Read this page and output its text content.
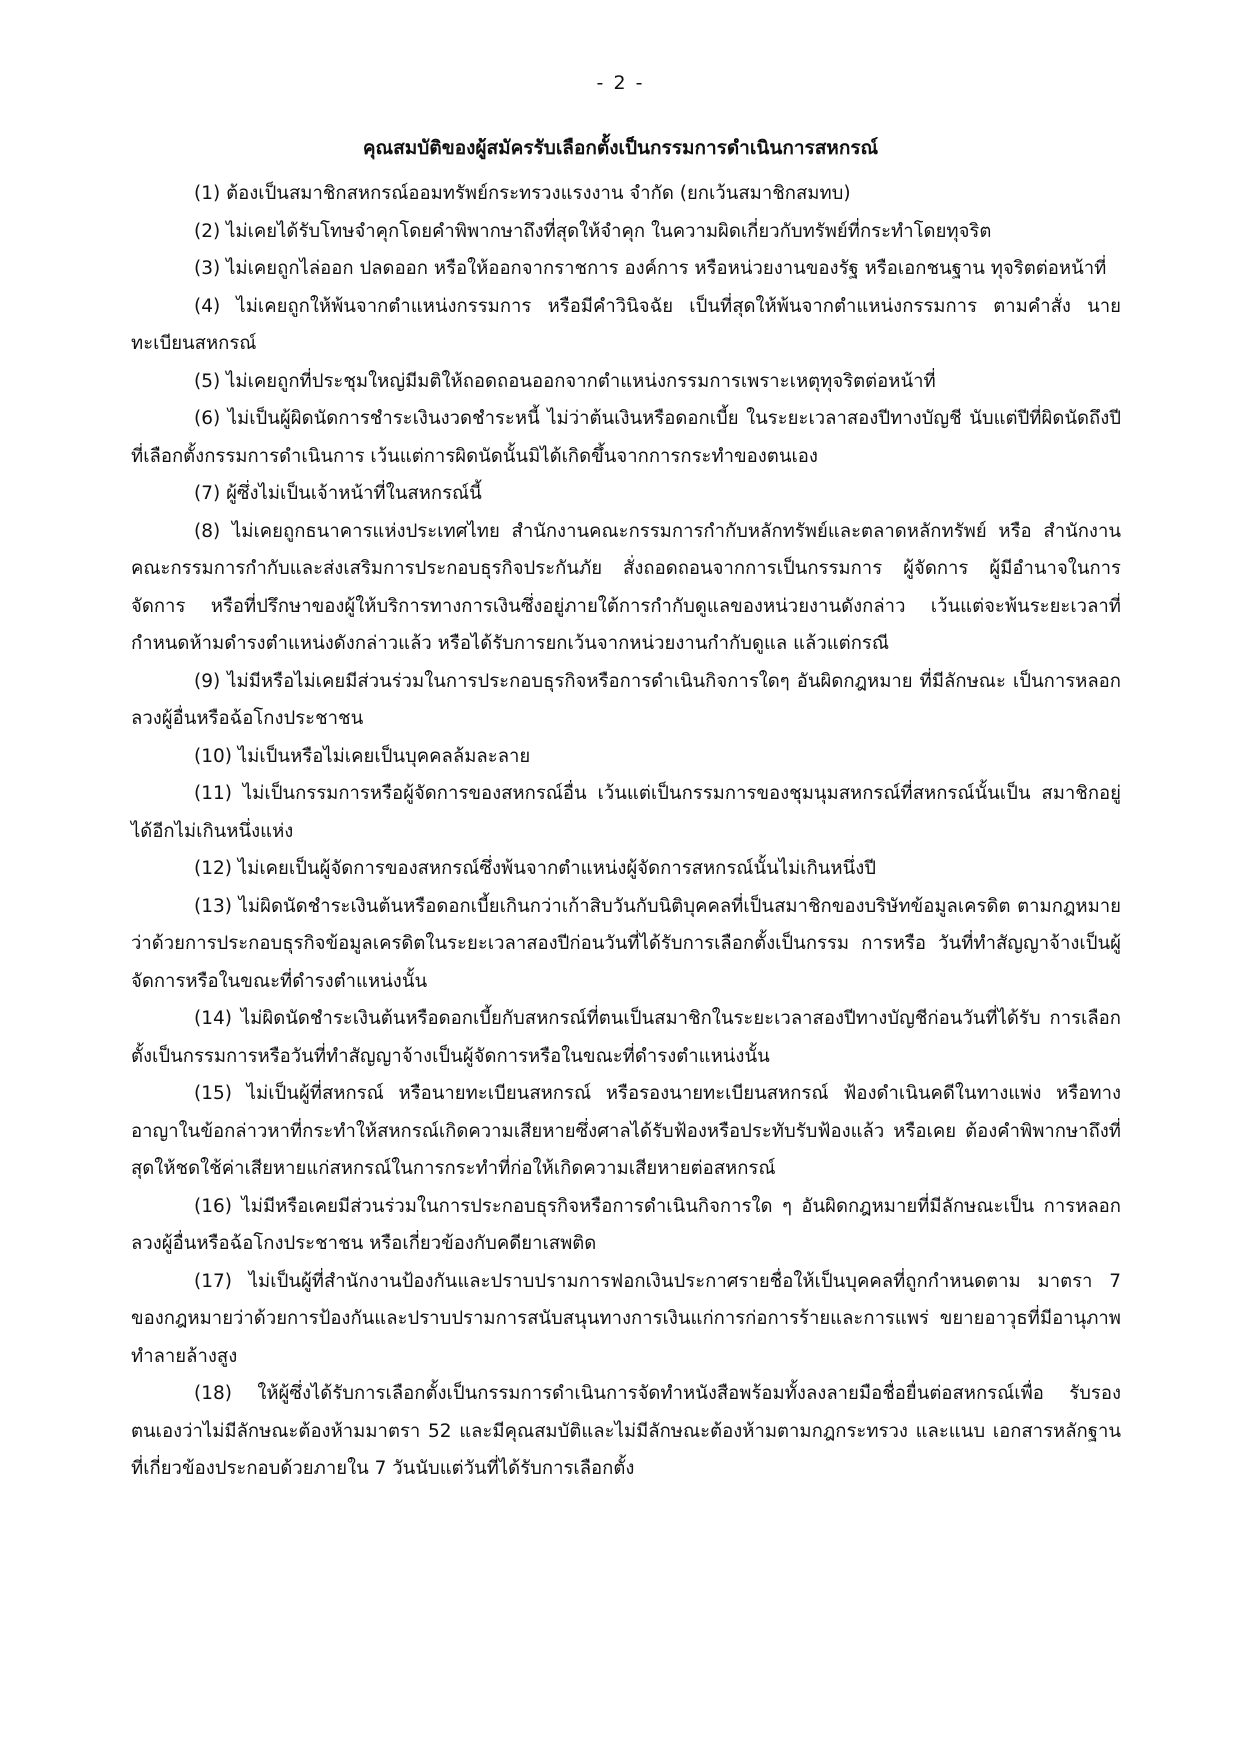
- 2 -
คุณสมบัติของผู้สมัครรับเลือกตั้งเป็นกรรมการดำเนินการสหกรณ์

(1) ต้องเป็นสมาชิกสหกรณ์ออมทรัพย์กระทรวงแรงงาน จำกัด (ยกเว้นสมาชิกสมทบ)

(2) ไม่เคยได้รับโทษจำคุกโดยคำพิพากษาถึงที่สุดให้จำคุก ในความผิดเกี่ยวกับทรัพย์ที่กระทำโดยทุจริต

(3) ไม่เคยถูกไล่ออก ปลดออก หรือให้ออกจากราชการ องค์การ หรือหน่วยงานของรัฐ หรือเอกชนฐาน ทุจริตต่อหน้าที่

(4) ไม่เคยถูกให้พ้นจากตำแหน่งกรรมการ หรือมีคำวินิจฉัย เป็นที่สุดให้พ้นจากตำแหน่งกรรมการ ตามคำสั่ง นายทะเบียนสหกรณ์

(5) ไม่เคยถูกที่ประชุมใหญ่มีมติให้ถอดถอนออกจากตำแหน่งกรรมการเพราะเหตุทุจริตต่อหน้าที่

(6) ไม่เป็นผู้ผิดนัดการชำระเงินงวดชำระหนี้ ไม่ว่าต้นเงินหรือดอกเบี้ย ในระยะเวลาสองปีทางบัญชี นับแต่ปีที่ผิดนัดถึงปีที่เลือกตั้งกรรมการดำเนินการ เว้นแต่การผิดนัดนั้นมิได้เกิดขึ้นจากการกระทำของตนเอง

(7) ผู้ซึ่งไม่เป็นเจ้าหน้าที่ในสหกรณ์นี้

(8) ไม่เคยถูกธนาคารแห่งประเทศไทย สำนักงานคณะกรรมการกำกับหลักทรัพย์และตลาดหลักทรัพย์ หรือ สำนักงานคณะกรรมการกำกับและส่งเสริมการประกอบธุรกิจประกันภัย สั่งถอดถอนจากการเป็นกรรมการ ผู้จัดการ ผู้มีอำนาจในการจัดการ หรือที่ปรึกษาของผู้ให้บริการทางการเงินซึ่งอยู่ภายใต้การกำกับดูแลของหน่วยงานดังกล่าว เว้นแต่จะพ้นระยะเวลาที่กำหนดห้ามดำรงตำแหน่งดังกล่าวแล้ว หรือได้รับการยกเว้นจากหน่วยงานกำกับดูแล แล้วแต่กรณี

(9) ไม่มีหรือไม่เคยมีส่วนร่วมในการประกอบธุรกิจหรือการดำเนินกิจการใดๆ อันผิดกฎหมาย ที่มีลักษณะ เป็นการหลอกลวงผู้อื่นหรือฉ้อโกงประชาชน

(10) ไม่เป็นหรือไม่เคยเป็นบุคคลล้มละลาย

(11) ไม่เป็นกรรมการหรือผู้จัดการของสหกรณ์อื่น เว้นแต่เป็นกรรมการของชุมนุมสหกรณ์ที่สหกรณ์นั้นเป็น สมาชิกอยู่ได้อีกไม่เกินหนึ่งแห่ง

(12) ไม่เคยเป็นผู้จัดการของสหกรณ์ซึ่งพ้นจากตำแหน่งผู้จัดการสหกรณ์นั้นไม่เกินหนึ่งปี

(13) ไม่ผิดนัดชำระเงินต้นหรือดอกเบี้ยเกินกว่าเก้าสิบวันกับนิติบุคคลที่เป็นสมาชิกของบริษัทข้อมูลเครดิต ตามกฎหมายว่าด้วยการประกอบธุรกิจข้อมูลเครดิตในระยะเวลาสองปีก่อนวันที่ได้รับการเลือกตั้งเป็นกรรม การหรือ วันที่ทำสัญญาจ้างเป็นผู้จัดการหรือในขณะที่ดำรงตำแหน่งนั้น

(14) ไม่ผิดนัดชำระเงินต้นหรือดอกเบี้ยกับสหกรณ์ที่ตนเป็นสมาชิกในระยะเวลาสองปีทางบัญชีก่อนวันที่ได้รับ การเลือกตั้งเป็นกรรมการหรือวันที่ทำสัญญาจ้างเป็นผู้จัดการหรือในขณะที่ดำรงตำแหน่งนั้น

(15) ไม่เป็นผู้ที่สหกรณ์ หรือนายทะเบียนสหกรณ์ หรือรองนายทะเบียนสหกรณ์ ฟ้องดำเนินคดีในทางแพ่ง หรือทางอาญาในข้อกล่าวหาที่กระทำให้สหกรณ์เกิดความเสียหายซึ่งศาลได้รับฟ้องหรือประทับรับฟ้องแล้ว หรือเคย ต้องคำพิพากษาถึงที่สุดให้ชดใช้ค่าเสียหายแก่สหกรณ์ในการกระทำที่ก่อให้เกิดความเสียหายต่อสหกรณ์

(16) ไม่มีหรือเคยมีส่วนร่วมในการประกอบธุรกิจหรือการดำเนินกิจการใด ๆ อันผิดกฎหมายที่มีลักษณะเป็น การหลอกลวงผู้อื่นหรือฉ้อโกงประชาชน หรือเกี่ยวข้องกับคดียาเสพติด

(17) ไม่เป็นผู้ที่สำนักงานป้องกันและปราบปรามการฟอกเงินประกาศรายชื่อให้เป็นบุคคลที่ถูกกำหนดตาม มาตรา 7 ของกฎหมายว่าด้วยการป้องกันและปราบปรามการสนับสนุนทางการเงินแก่การก่อการร้ายและการแพร่ ขยายอาวุธที่มีอานุภาพทำลายล้างสูง

(18) ให้ผู้ซึ่งได้รับการเลือกตั้งเป็นกรรมการดำเนินการจัดทำหนังสือพร้อมทั้งลงลายมือชื่อยื่นต่อสหกรณ์เพื่อ รับรองตนเองว่าไม่มีลักษณะต้องห้ามมาตรา 52 และมีคุณสมบัติและไม่มีลักษณะต้องห้ามตามกฎกระทรวง และแนบ เอกสารหลักฐานที่เกี่ยวข้องประกอบด้วยภายใน 7 วันนับแต่วันที่ได้รับการเลือกตั้ง
